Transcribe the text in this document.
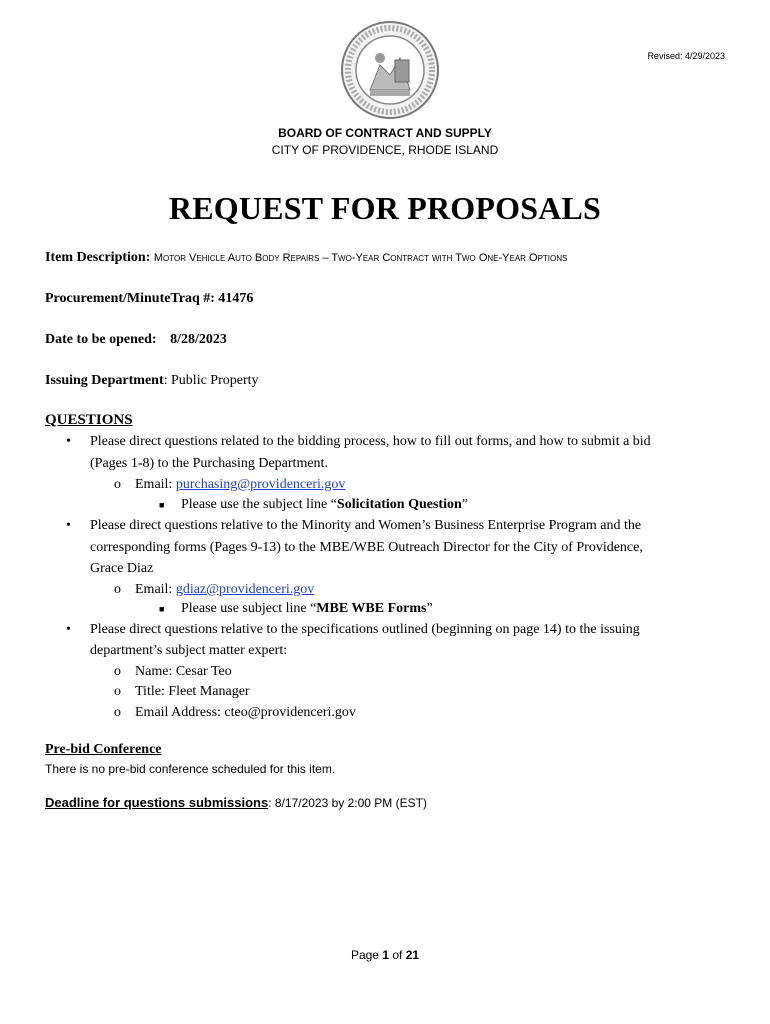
Revised: 4/29/2023
BOARD OF CONTRACT AND SUPPLY
CITY OF PROVIDENCE, RHODE ISLAND
REQUEST FOR PROPOSALS
Item Description: Motor Vehicle Auto Body Repairs – Two-Year Contract with Two One-Year Options
Procurement/MinuteTraq #: 41476
Date to be opened: 8/28/2023
Issuing Department: Public Property
QUESTIONS
• Please direct questions related to the bidding process, how to fill out forms, and how to submit a bid
(Pages 1-8) to the Purchasing Department.
o Email: purchasing@providenceri.gov
■ Please use the subject line “Solicitation Question”
• Please direct questions relative to the Minority and Women’s Business Enterprise Program and the
corresponding forms (Pages 9-13) to the MBE/WBE Outreach Director for the City of Providence,
Grace Diaz
o Email: gdiaz@providenceri.gov
■ Please use subject line “MBE WBE Forms”
• Please direct questions relative to the specifications outlined (beginning on page 14) to the issuing
department’s subject matter expert:
o Name: Cesar Teo
o Title: Fleet Manager
o Email Address: cteo@providenceri.gov
Pre-bid Conference
There is no pre-bid conference scheduled for this item.
Deadline for questions submissions: 8/17/2023 by 2:00 PM (EST)
Page 1 of 21
